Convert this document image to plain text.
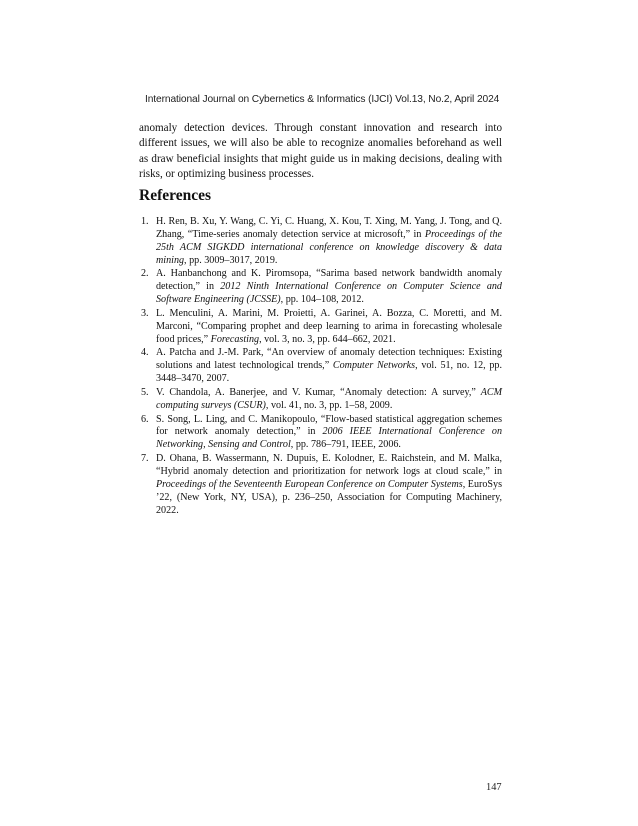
International Journal on Cybernetics & Informatics (IJCI) Vol.13, No.2, April 2024

anomaly detection devices. Through constant innovation and research into different issues, we will also be able to recognize anomalies beforehand as well as draw beneficial insights that might guide us in making decisions, dealing with risks, or optimizing business processes.

References
1. H. Ren, B. Xu, Y. Wang, C. Yi, C. Huang, X. Kou, T. Xing, M. Yang, J. Tong, and Q. Zhang, “Time-series anomaly detection service at microsoft,” in Proceedings of the 25th ACM SIGKDD international conference on knowledge discovery & data mining, pp. 3009–3017, 2019.
2. A. Hanbanchong and K. Piromsopa, “Sarima based network bandwidth anomaly detection,” in 2012 Ninth International Conference on Computer Science and Software Engineering (JCSSE), pp. 104–108, 2012.
3. L. Menculini, A. Marini, M. Proietti, A. Garinei, A. Bozza, C. Moretti, and M. Marconi, “Comparing prophet and deep learning to arima in forecasting wholesale food prices,” Forecasting, vol. 3, no. 3, pp. 644–662, 2021.
4. A. Patcha and J.-M. Park, “An overview of anomaly detection techniques: Existing solutions and latest technological trends,” Computer Networks, vol. 51, no. 12, pp. 3448–3470, 2007.
5. V. Chandola, A. Banerjee, and V. Kumar, “Anomaly detection: A survey,” ACM computing surveys (CSUR), vol. 41, no. 3, pp. 1–58, 2009.
6. S. Song, L. Ling, and C. Manikopoulo, “Flow-based statistical aggregation schemes for network anomaly detection,” in 2006 IEEE International Conference on Networking, Sensing and Control, pp. 786–791, IEEE, 2006.
7. D. Ohana, B. Wassermann, N. Dupuis, E. Kolodner, E. Raichstein, and M. Malka, “Hybrid anomaly detection and prioritization for network logs at cloud scale,” in Proceedings of the Seventeenth European Conference on Computer Systems, EuroSys ’22, (New York, NY, USA), p. 236–250, Association for Computing Machinery, 2022.
147
